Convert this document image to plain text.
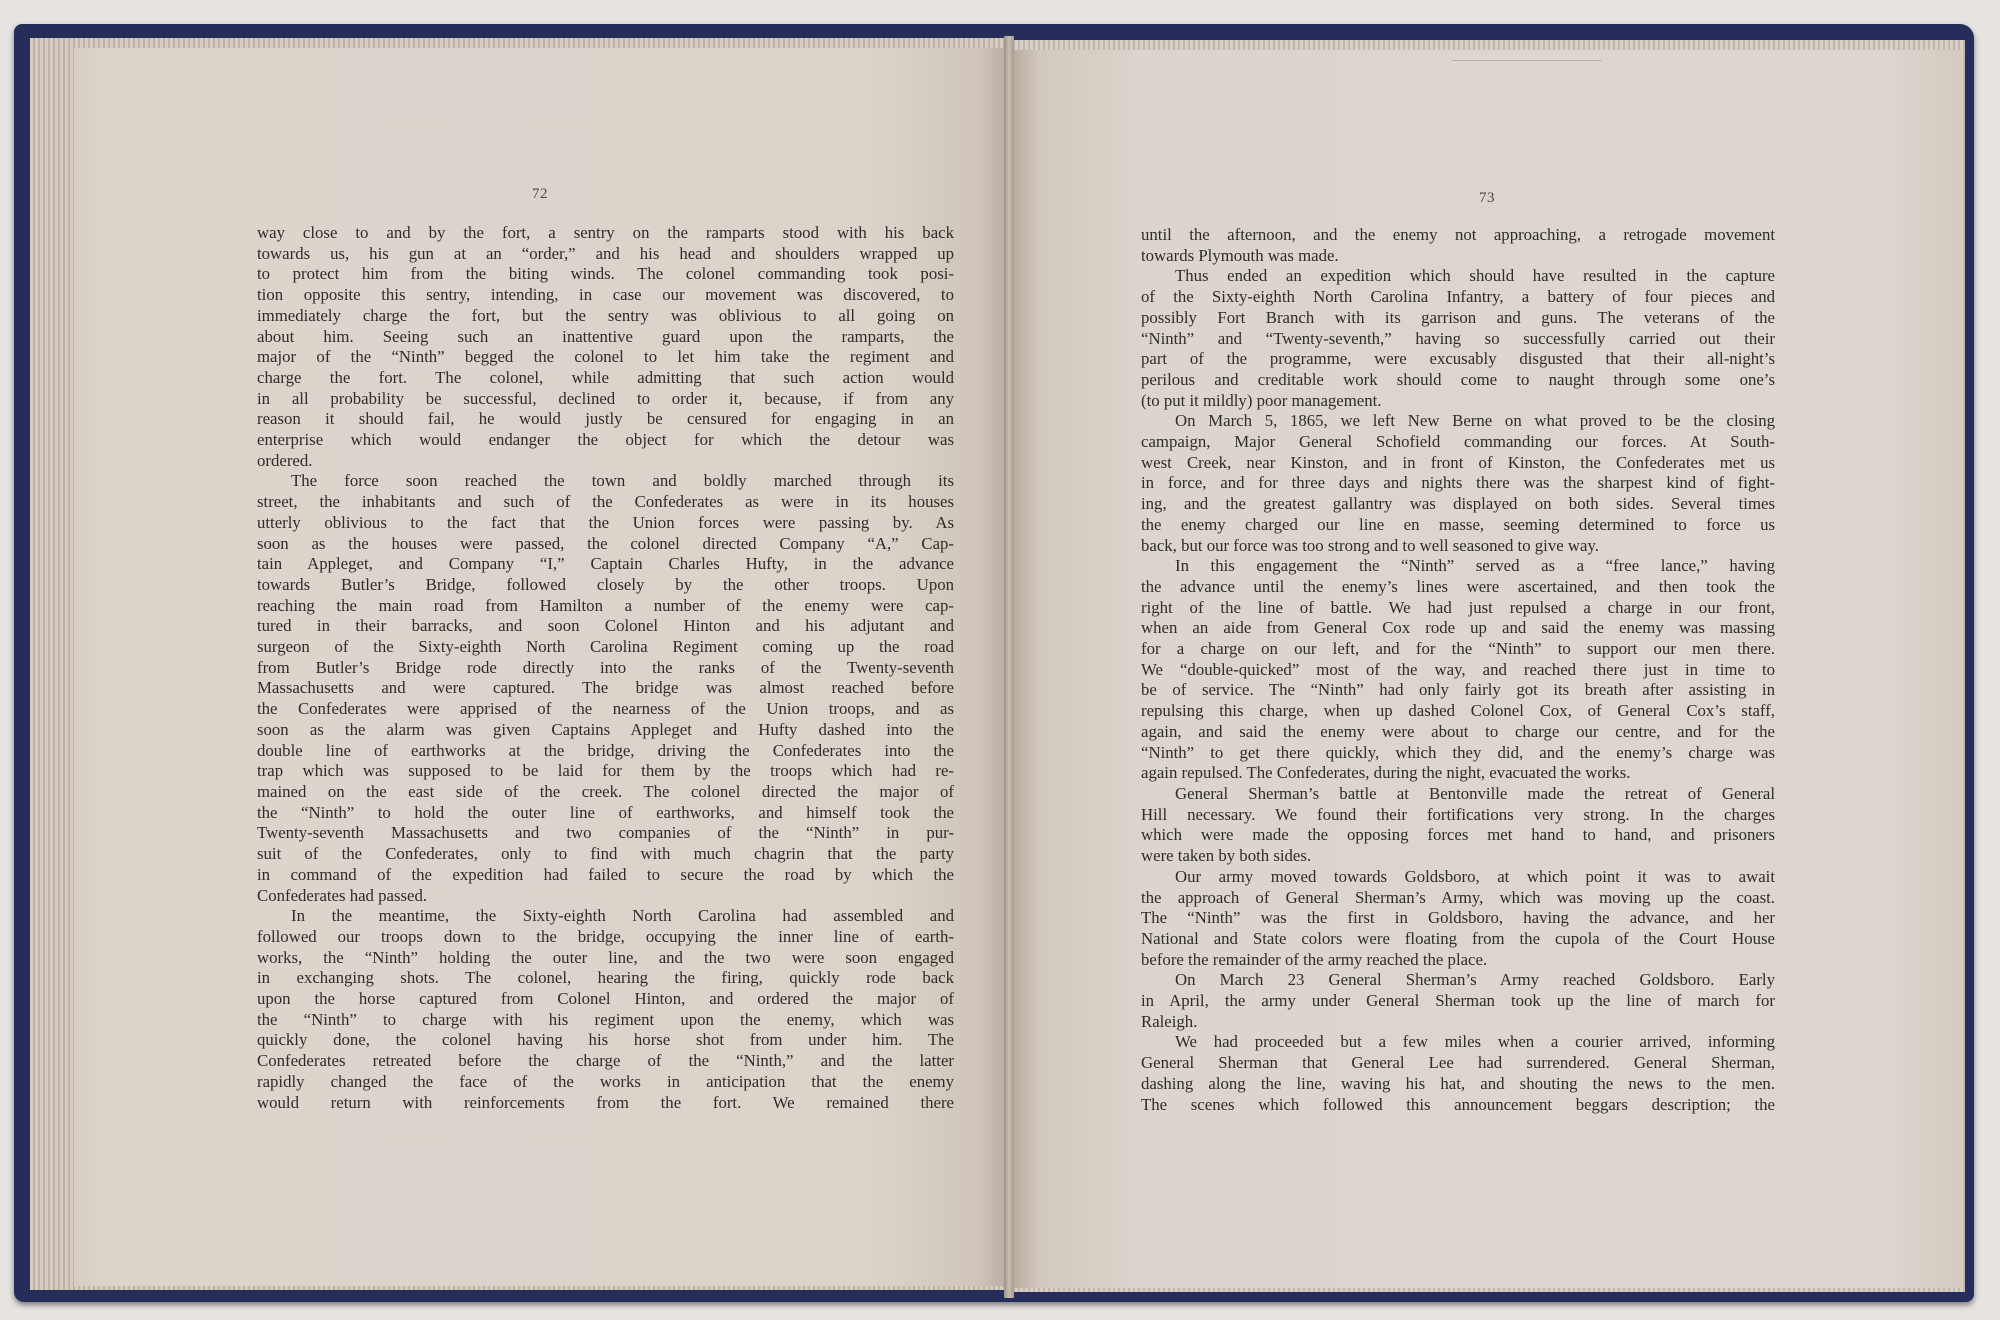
72

way close to and by the fort, a sentry on the ramparts stood with his back

towards us, his gun at an “order,” and his head and shoulders wrapped up

to protect him from the biting winds. The colonel commanding took posi-

tion opposite this sentry, intending, in case our movement was discovered, to

immediately charge the fort, but the sentry was oblivious to all going on

about him. Seeing such an inattentive guard upon the ramparts, the

major of the “Ninth” begged the colonel to let him take the regiment and

charge the fort. The colonel, while admitting that such action would

in all probability be successful, declined to order it, because, if from any

reason it should fail, he would justly be censured for engaging in an

enterprise which would endanger the object for which the detour was

ordered.

The force soon reached the town and boldly marched through its

street, the inhabitants and such of the Confederates as were in its houses

utterly oblivious to the fact that the Union forces were passing by. As

soon as the houses were passed, the colonel directed Company “A,” Cap-

tain Appleget, and Company “I,” Captain Charles Hufty, in the advance

towards Butler’s Bridge, followed closely by the other troops. Upon

reaching the main road from Hamilton a number of the enemy were cap-

tured in their barracks, and soon Colonel Hinton and his adjutant and

surgeon of the Sixty-eighth North Carolina Regiment coming up the road

from Butler’s Bridge rode directly into the ranks of the Twenty-seventh

Massachusetts and were captured. The bridge was almost reached before

the Confederates were apprised of the nearness of the Union troops, and as

soon as the alarm was given Captains Appleget and Hufty dashed into the

double line of earthworks at the bridge, driving the Confederates into the

trap which was supposed to be laid for them by the troops which had re-

mained on the east side of the creek. The colonel directed the major of

the “Ninth” to hold the outer line of earthworks, and himself took the

Twenty-seventh Massachusetts and two companies of the “Ninth” in pur-

suit of the Confederates, only to find with much chagrin that the party

in command of the expedition had failed to secure the road by which the

Confederates had passed.

In the meantime, the Sixty-eighth North Carolina had assembled and

followed our troops down to the bridge, occupying the inner line of earth-

works, the “Ninth” holding the outer line, and the two were soon engaged

in exchanging shots. The colonel, hearing the firing, quickly rode back

upon the horse captured from Colonel Hinton, and ordered the major of

the “Ninth” to charge with his regiment upon the enemy, which was

quickly done, the colonel having his horse shot from under him. The

Confederates retreated before the charge of the “Ninth,” and the latter

rapidly changed the face of the works in anticipation that the enemy

would return with reinforcements from the fort. We remained there

73

until the afternoon, and the enemy not approaching, a retrogade movement

towards Plymouth was made.

Thus ended an expedition which should have resulted in the capture

of the Sixty-eighth North Carolina Infantry, a battery of four pieces and

possibly Fort Branch with its garrison and guns. The veterans of the

“Ninth” and “Twenty-seventh,” having so successfully carried out their

part of the programme, were excusably disgusted that their all-night’s

perilous and creditable work should come to naught through some one’s

(to put it mildly) poor management.

On March 5, 1865, we left New Berne on what proved to be the closing

campaign, Major General Schofield commanding our forces. At South-

west Creek, near Kinston, and in front of Kinston, the Confederates met us

in force, and for three days and nights there was the sharpest kind of fight-

ing, and the greatest gallantry was displayed on both sides. Several times

the enemy charged our line en masse, seeming determined to force us

back, but our force was too strong and to well seasoned to give way.

In this engagement the “Ninth” served as a “free lance,” having

the advance until the enemy’s lines were ascertained, and then took the

right of the line of battle. We had just repulsed a charge in our front,

when an aide from General Cox rode up and said the enemy was massing

for a charge on our left, and for the “Ninth” to support our men there.

We “double-quicked” most of the way, and reached there just in time to

be of service. The “Ninth” had only fairly got its breath after assisting in

repulsing this charge, when up dashed Colonel Cox, of General Cox’s staff,

again, and said the enemy were about to charge our centre, and for the

“Ninth” to get there quickly, which they did, and the enemy’s charge was

again repulsed. The Confederates, during the night, evacuated the works.

General Sherman’s battle at Bentonville made the retreat of General

Hill necessary. We found their fortifications very strong. In the charges

which were made the opposing forces met hand to hand, and prisoners

were taken by both sides.

Our army moved towards Goldsboro, at which point it was to await

the approach of General Sherman’s Army, which was moving up the coast.

The “Ninth” was the first in Goldsboro, having the advance, and her

National and State colors were floating from the cupola of the Court House

before the remainder of the army reached the place.

On March 23 General Sherman’s Army reached Goldsboro. Early

in April, the army under General Sherman took up the line of march for

Raleigh.

We had proceeded but a few miles when a courier arrived, informing

General Sherman that General Lee had surrendered. General Sherman,

dashing along the line, waving his hat, and shouting the news to the men.

The scenes which followed this announcement beggars description; the
